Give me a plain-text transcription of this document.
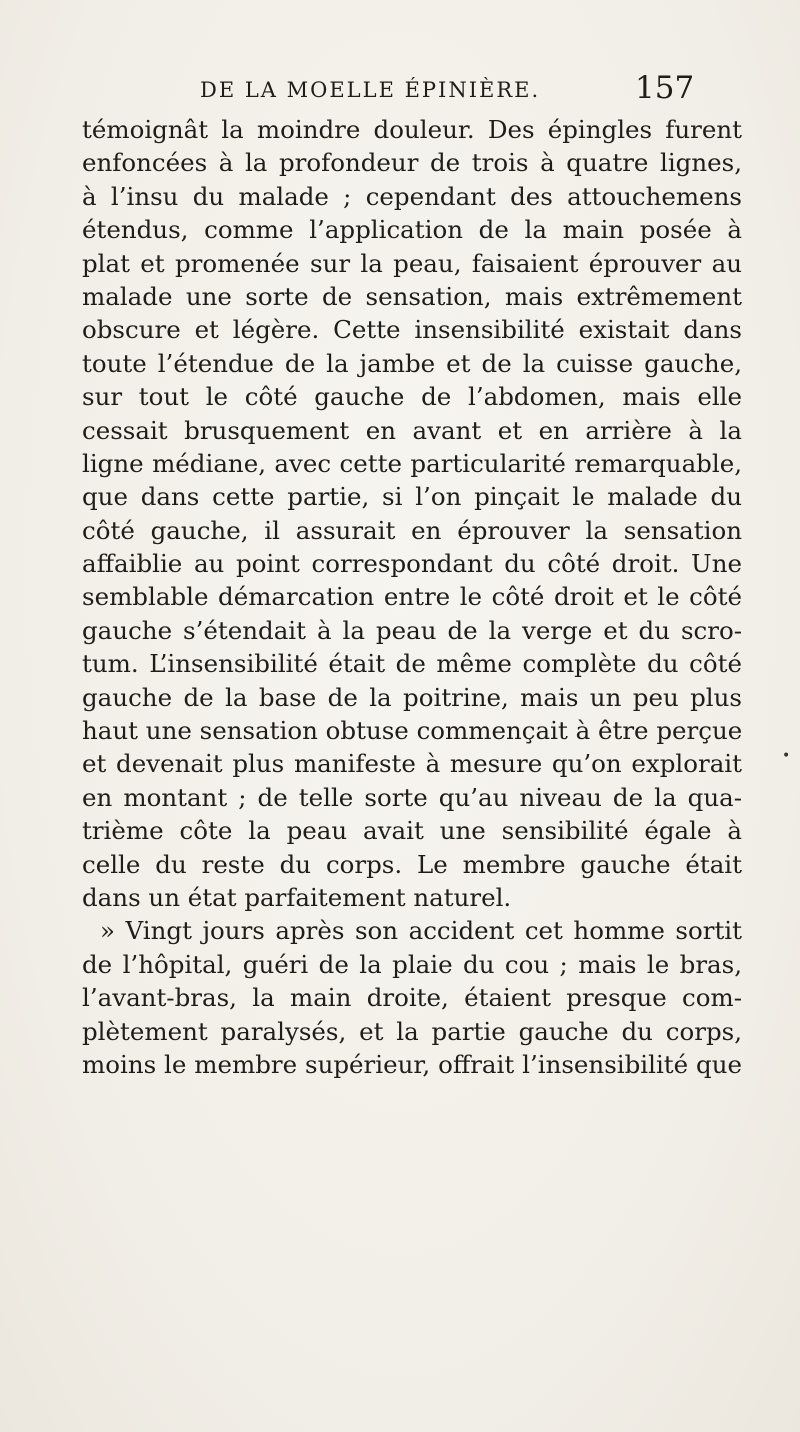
DE LA MOELLE ÉPINIÈRE.	157
témoignât la moindre douleur. Des épingles furent
enfoncées à la profondeur de trois à quatre lignes,
à l’insu du malade ; cependant des attouchemens
étendus, comme l’application de la main posée à
plat et promenée sur la peau, faisaient éprouver au
malade une sorte de sensation, mais extrêmement
obscure et légère. Cette insensibilité existait dans
toute l’étendue de la jambe et de la cuisse gauche,
sur tout le côté gauche de l’abdomen, mais elle
cessait brusquement en avant et en arrière à la
ligne médiane, avec cette particularité remarquable,
que dans cette partie, si l’on pinçait le malade du
côté gauche, il assurait en éprouver la sensation
affaiblie au point correspondant du côté droit. Une
semblable démarcation entre le côté droit et le côté
gauche s’étendait à la peau de la verge et du scro-
tum. L’insensibilité était de même complète du côté
gauche de la base de la poitrine, mais un peu plus
haut une sensation obtuse commençait à être perçue
et devenait plus manifeste à mesure qu’on explorait
en montant ; de telle sorte qu’au niveau de la qua-
trième côte la peau avait une sensibilité égale à
celle du reste du corps. Le membre gauche était
dans un état parfaitement naturel.
» Vingt jours après son accident cet homme sortit
de l’hôpital, guéri de la plaie du cou ; mais le bras,
l’avant-bras, la main droite, étaient presque com-
plètement paralysés, et la partie gauche du corps,
moins le membre supérieur, offrait l’insensibilité que
•
